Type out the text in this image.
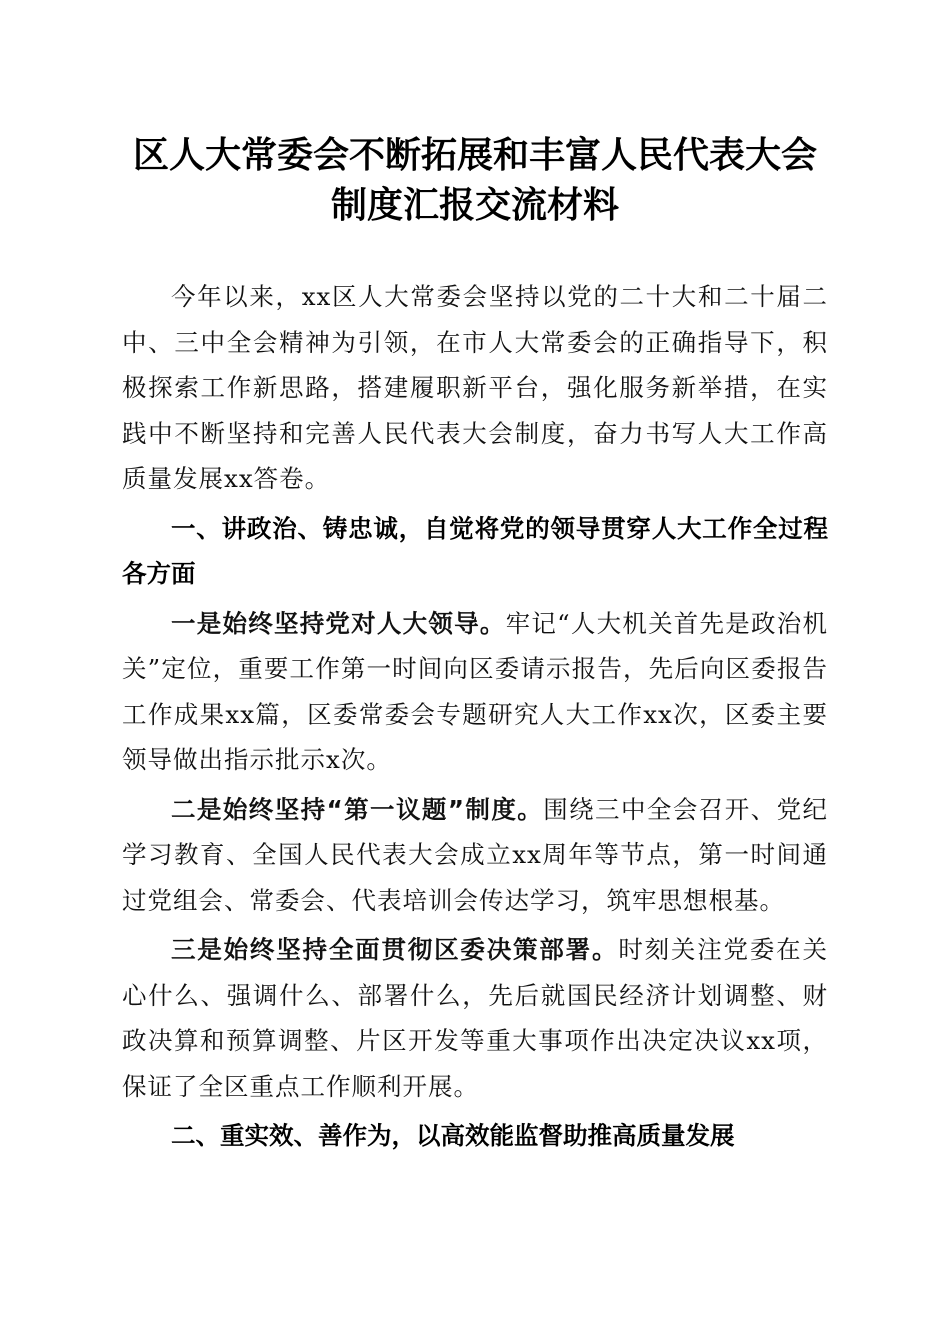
区人大常委会不断拓展和丰富人民代表大会制度汇报交流材料

今年以来，xx区人大常委会坚持以党的二十大和二十届二中、三中全会精神为引领，在市人大常委会的正确指导下，积极探索工作新思路，搭建履职新平台，强化服务新举措，在实践中不断坚持和完善人民代表大会制度，奋力书写人大工作高质量发展xx答卷。

一、讲政治、铸忠诚，自觉将党的领导贯穿人大工作全过程各方面

一是始终坚持党对人大领导。牢记“人大机关首先是政治机关”定位，重要工作第一时间向区委请示报告，先后向区委报告工作成果xx篇，区委常委会专题研究人大工作xx次，区委主要领导做出指示批示x次。

二是始终坚持“第一议题”制度。围绕三中全会召开、党纪学习教育、全国人民代表大会成立xx周年等节点，第一时间通过党组会、常委会、代表培训会传达学习，筑牢思想根基。

三是始终坚持全面贯彻区委决策部署。时刻关注党委在关心什么、强调什么、部署什么，先后就国民经济计划调整、财政决算和预算调整、片区开发等重大事项作出决定决议xx项，保证了全区重点工作顺利开展。

二、重实效、善作为，以高效能监督助推高质量发展
